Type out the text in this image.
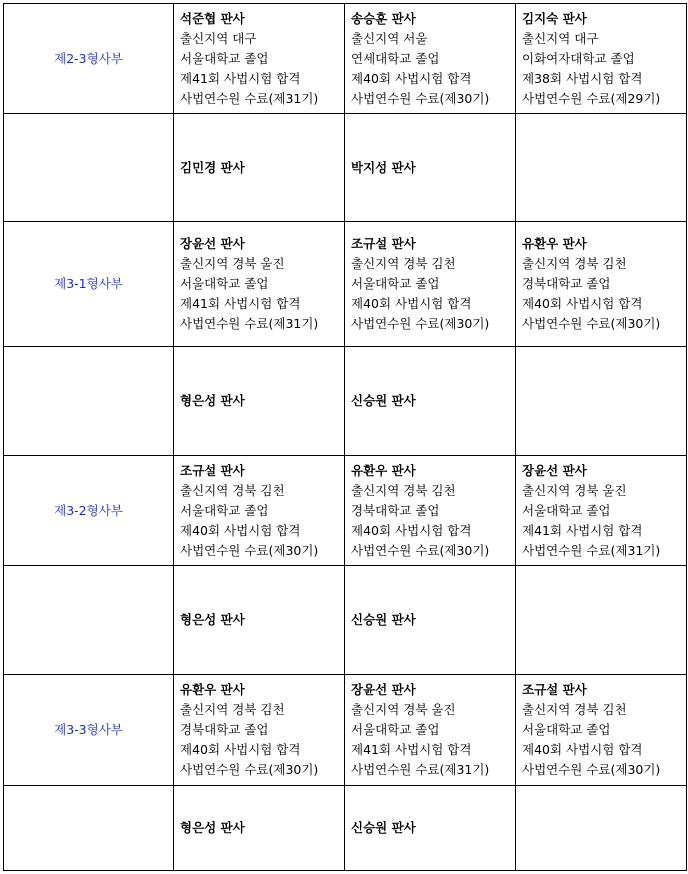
제2-3형사부	석준협 판사
출신지역 대구
서울대학교 졸업
제41회 사법시험 합격
사법연수원 수료(제31기)	송승훈 판사
출신지역 서울
연세대학교 졸업
제40회 사법시험 합격
사법연수원 수료(제30기)	김지숙 판사
출신지역 대구
이화여자대학교 졸업
제38회 사법시험 합격
사법연수원 수료(제29기)

	김민경 판사	박지성 판사	

제3-1형사부	장윤선 판사
출신지역 경북 울진
서울대학교 졸업
제41회 사법시험 합격
사법연수원 수료(제31기)	조규설 판사
출신지역 경북 김천
서울대학교 졸업
제40회 사법시험 합격
사법연수원 수료(제30기)	유환우 판사
출신지역 경북 김천
경북대학교 졸업
제40회 사법시험 합격
사법연수원 수료(제30기)

	형은성 판사	신승원 판사	

제3-2형사부	조규설 판사
출신지역 경북 김천
서울대학교 졸업
제40회 사법시험 합격
사법연수원 수료(제30기)	유환우 판사
출신지역 경북 김천
경북대학교 졸업
제40회 사법시험 합격
사법연수원 수료(제30기)	장윤선 판사
출신지역 경북 울진
서울대학교 졸업
제41회 사법시험 합격
사법연수원 수료(제31기)

	형은성 판사	신승원 판사	

제3-3형사부	유환우 판사
출신지역 경북 김천
경북대학교 졸업
제40회 사법시험 합격
사법연수원 수료(제30기)	장윤선 판사
출신지역 경북 울진
서울대학교 졸업
제41회 사법시험 합격
사법연수원 수료(제31기)	조규설 판사
출신지역 경북 김천
서울대학교 졸업
제40회 사법시험 합격
사법연수원 수료(제30기)

	형은성 판사	신승원 판사	
